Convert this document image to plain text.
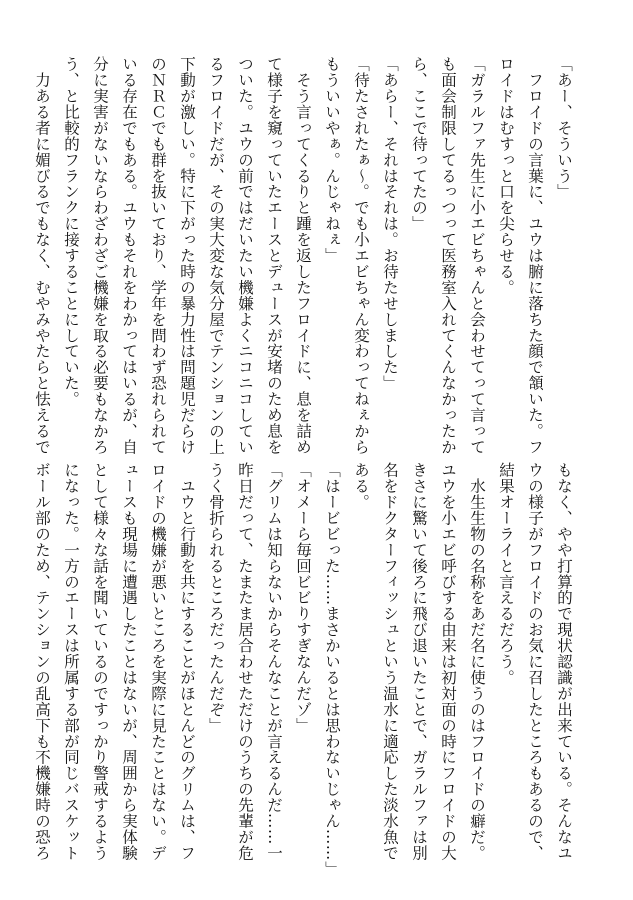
「あー、そういう」
　フロイドの言葉に、ユウは腑に落ちた顔で頷いた。フ
ロイドはむすっと口を尖らせる。
「ガラルファ先生に小エビちゃんと会わせてって言って
も面会制限してるっつって医務室入れてくんなかったか
ら、ここで待ってたの」
「あらー、それはそれは。お待たせしました」
「待たされたぁ〜。でも小エビちゃん変わってねぇから
もういいやぁ。んじゃねぇ」
　そう言ってくるりと踵を返したフロイドに、息を詰め
て様子を窺っていたエースとデュースが安堵のため息を
ついた。ユウの前ではだいたい機嫌よくニコニコしてい
るフロイドだが、その実大変な気分屋でテンションの上
下動が激しい。特に下がった時の暴力性は問題児だらけ
のＮＲＣでも群を抜いており、学年を問わず恐れられて
いる存在でもある。ユウもそれをわかってはいるが、自
分に実害がないならわざわざご機嫌を取る必要もなかろ
う、と比較的フランクに接することにしていた。
　力ある者に媚びるでもなく、むやみやたらと怯えるで
もなく、やや打算的で現状認識が出来ている。そんなユ
ウの様子がフロイドのお気に召したところもあるので、
結果オーライと言えるだろう。
　水生生物の名称をあだ名に使うのはフロイドの癖だ。
ユウを小エビ呼びする由来は初対面の時にフロイドの大
きさに驚いて後ろに飛び退いたことで、ガラルファは別
名をドクターフィッシュという温水に適応した淡水魚で
ある。
「はービビった……まさかいるとは思わないじゃん……」
「オメーら毎回ビビりすぎなんだゾ」
「グリムは知らないからそんなことが言えるんだ……一
昨日だって、たまたま居合わせただけのうちの先輩が危
うく骨折られるところだったんだぞ」
　ユウと行動を共にすることがほとんどのグリムは、フ
ロイドの機嫌が悪いところを実際に見たことはない。デ
ュースも現場に遭遇したことはないが、周囲から実体験
として様々な話を聞いているのですっかり警戒するよう
になった。一方のエースは所属する部が同じバスケット
ボール部のため、テンションの乱高下も不機嫌時の恐ろ
